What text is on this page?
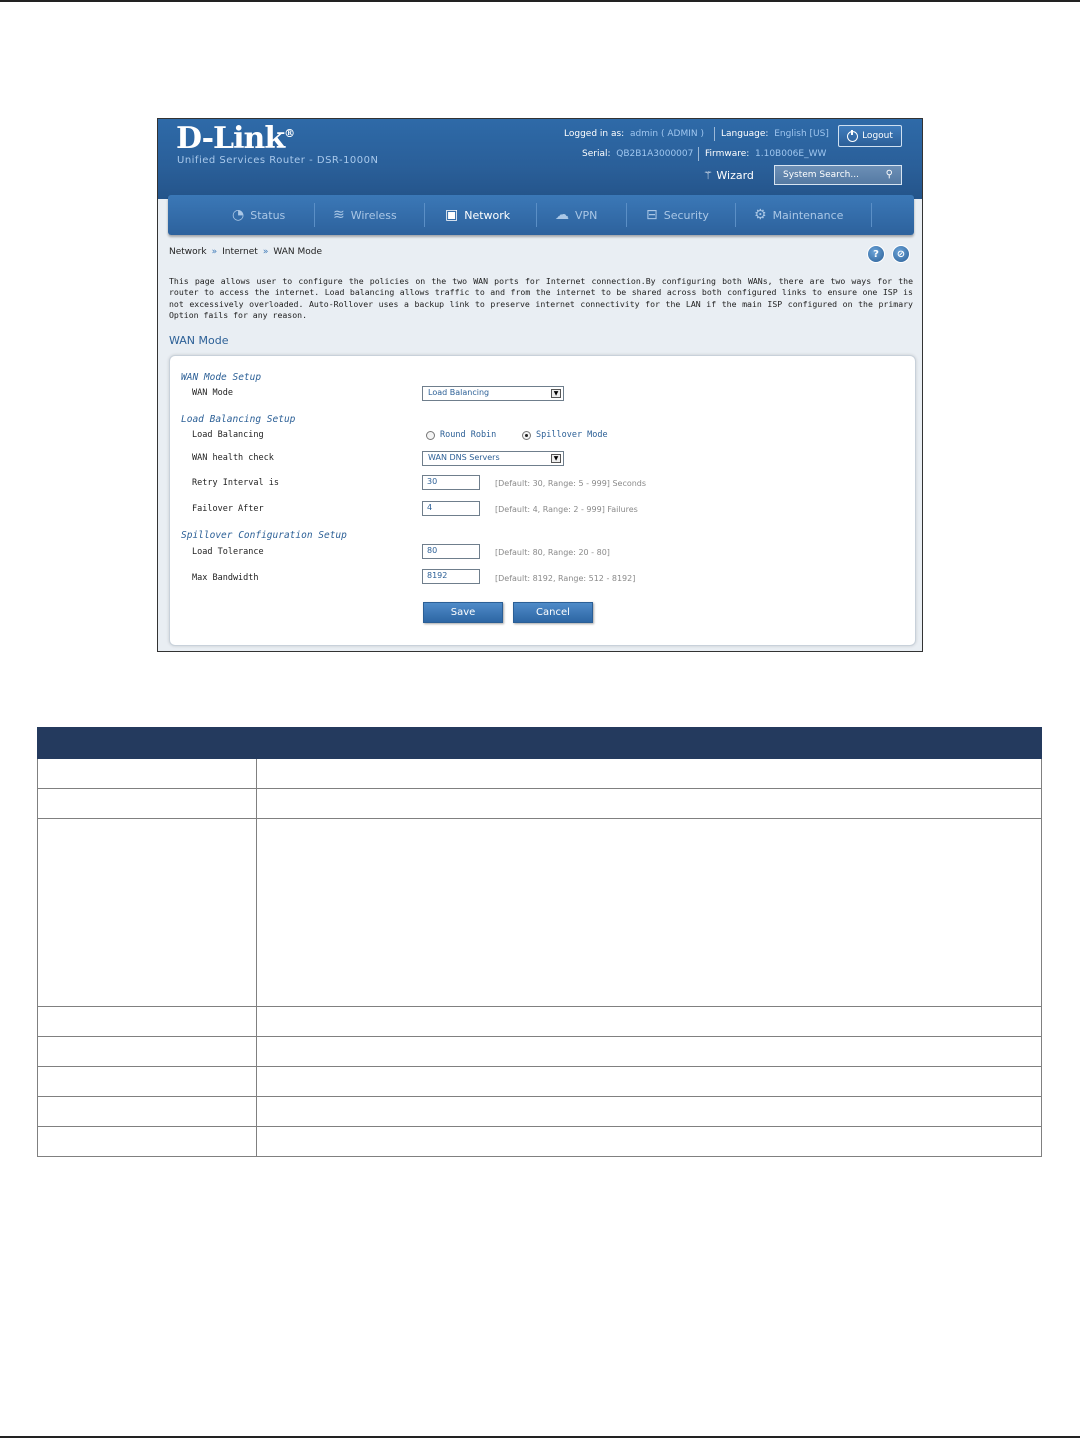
D-Link®
Unified Services Router - DSR-1000N
Logged in as: admin ( ADMIN ) Language: English [US]	Logout
Serial: QB2B1A3000007 Firmware: 1.10B006E_WW
⚚ Wizard	System Search...	⚲
◔ Status	≋ Wireless	▣ Network	☁ VPN	⊟ Security	⚙ Maintenance
Network » Internet » WAN Mode	?	⊘
This page allows user to configure the policies on the two WAN ports for Internet connection.By configuring both WANs, there are two ways for the router to access the internet. Load balancing allows traffic to and from the internet to be shared across both configured links to ensure one ISP is not excessively overloaded. Auto-Rollover uses a backup link to preserve internet connectivity for the LAN if the main ISP configured on the primary Option fails for any reason.
WAN Mode
WAN Mode Setup
WAN Mode	Load Balancing	▼
Load Balancing Setup
Load Balancing	Round Robin	Spillover Mode
WAN health check	WAN DNS Servers	▼
Retry Interval is	30	[Default: 30, Range: 5 - 999] Seconds
Failover After	4	[Default: 4, Range: 2 - 999] Failures
Spillover Configuration Setup
Load Tolerance	80	[Default: 80, Range: 20 - 80]
Max Bandwidth	8192	[Default: 8192, Range: 512 - 8192]
Save	Cancel
